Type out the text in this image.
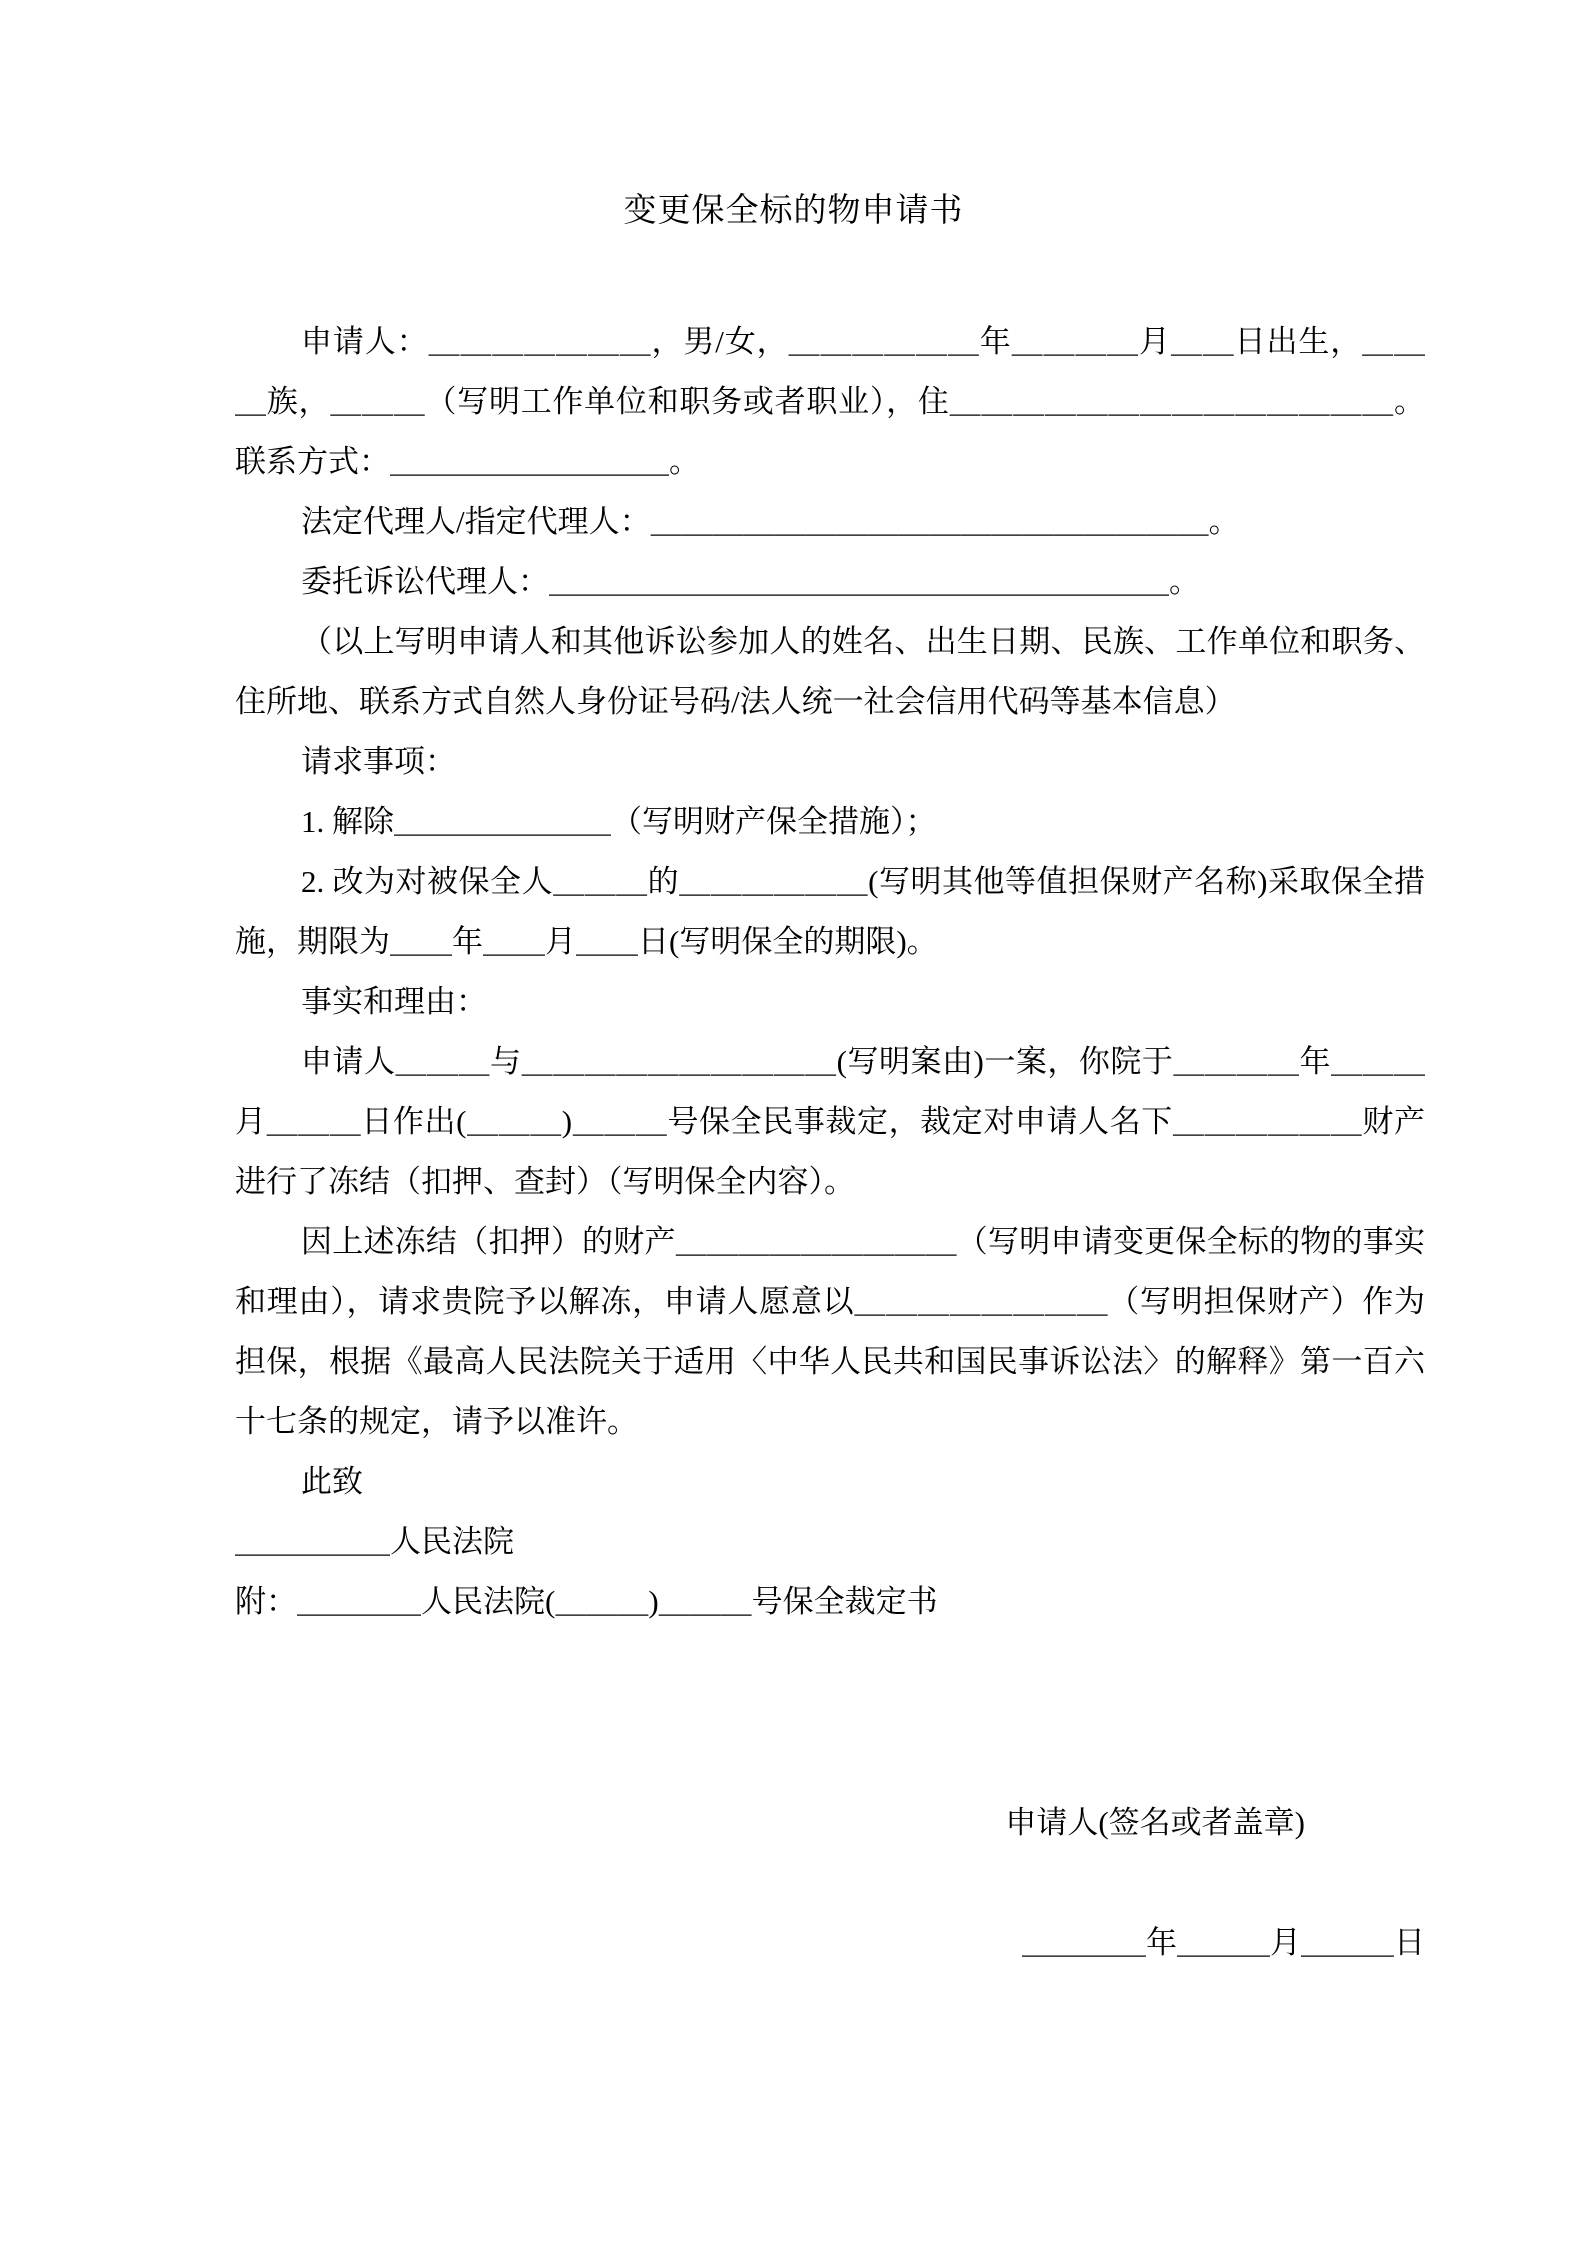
变更保全标的物申请书

申请人：＿＿＿＿＿＿＿，男/女，＿＿＿＿＿＿年＿＿＿＿月＿＿日出生，＿＿＿族，＿＿＿（写明工作单位和职务或者职业），住＿＿＿＿＿＿＿＿＿＿＿＿＿＿。联系方式：＿＿＿＿＿＿＿＿＿。

法定代理人/指定代理人：＿＿＿＿＿＿＿＿＿＿＿＿＿＿＿＿＿＿。

委托诉讼代理人：＿＿＿＿＿＿＿＿＿＿＿＿＿＿＿＿＿＿＿＿。

（以上写明申请人和其他诉讼参加人的姓名、出生日期、民族、工作单位和职务、住所地、联系方式自然人身份证号码/法人统一社会信用代码等基本信息）

请求事项：

1. 解除＿＿＿＿＿＿＿（写明财产保全措施）；

2. 改为对被保全人＿＿＿的＿＿＿＿＿＿(写明其他等值担保财产名称)采取保全措施，期限为＿＿年＿＿月＿＿日(写明保全的期限)。

事实和理由：

申请人＿＿＿与＿＿＿＿＿＿＿＿＿＿(写明案由)一案，你院于＿＿＿＿年＿＿＿月＿＿＿日作出(＿＿＿)＿＿＿号保全民事裁定，裁定对申请人名下＿＿＿＿＿＿财产进行了冻结（扣押、查封）（写明保全内容）。

因上述冻结（扣押）的财产＿＿＿＿＿＿＿＿＿（写明申请变更保全标的物的事实和理由），请求贵院予以解冻，申请人愿意以＿＿＿＿＿＿＿＿（写明担保财产）作为担保，根据《最高人民法院关于适用〈中华人民共和国民事诉讼法〉的解释》第一百六十七条的规定，请予以准许。

此致

＿＿＿＿＿人民法院

附：＿＿＿＿人民法院(＿＿＿)＿＿＿号保全裁定书

申请人(签名或者盖章)

＿＿＿＿年＿＿＿月＿＿＿日
